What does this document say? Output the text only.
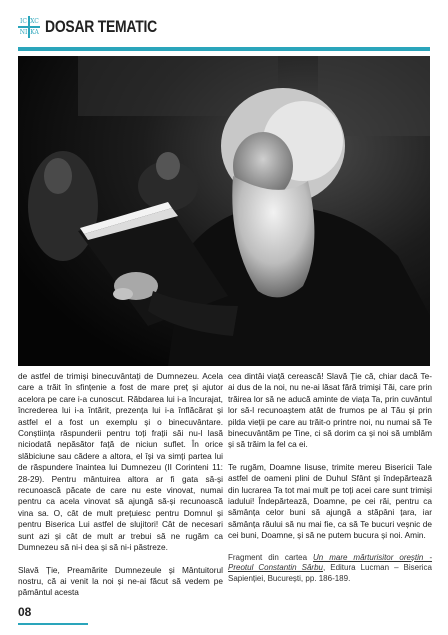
IC XC
NI KA DOSAR TEMATIC

de astfel de trimiși binecuvântați de Dumnezeu. Acela care a trăit în sfințenie a fost de mare preț și ajutor acelora pe care i-a cunoscut. Răbdarea lui i-a încurajat, încrederea lui i-a întărit, prezența lui i-a înflăcărat și astfel el a fost un exemplu și o binecuvântare. Conștiința răspunderii pentru toți frații săi nu-l lasă niciodată nepăsător față de niciun suflet. În orice slăbiciune sau cădere a altora, el își va simți partea lui de răspundere înaintea lui Dumnezeu (II Corinteni 11: 28-29). Pentru mântuirea altora ar fi gata să-și recunoască păcate de care nu este vinovat, numai pentru ca acela vinovat să ajungă să-și recunoască vina sa. O, cât de mult prețuiesc pentru Domnul și pentru Biserica Lui astfel de slujitori! Cât de necesari sunt azi și cât de mult ar trebui să ne rugăm ca Dumnezeu să ni-i dea și să ni-i păstreze.

Slavă Ție, Preamărite Dumnezeule și Mântuitorul nostru, că ai venit la noi și ne-ai făcut să vedem pe pământul acesta

cea dintâi viață cerească! Slavă Ție că, chiar dacă Te-ai dus de la noi, nu ne-ai lăsat fără trimiși Tăi, care prin trăirea lor să ne aducă aminte de viața Ta, prin cuvântul lor să-l recunoaștem atât de frumos pe al Tău și prin pilda vieții pe care au trăit-o printre noi, nu numai să Te binecuvântăm pe Tine, ci să dorim ca și noi să umblăm și să trăim la fel ca ei.

Te rugăm, Doamne Iisuse, trimite mereu Bisericii Tale astfel de oameni plini de Duhul Sfânt și îndepărtează din lucrarea Ta tot mai mult pe toți acei care sunt trimiși iadului! Îndepărtează, Doamne, pe cei răi, pentru ca sămânța celor buni să ajungă a stăpâni țara, iar sămânța răului să nu mai fie, ca să Te bucuri veșnic de cei buni, Doamne, și să ne putem bucura și noi. Amin.

Fragment din cartea Un mare mărturisitor oreștin - Preotul Constantin Sârbu, Editura Lucman – Biserica Sapienției, București, pp. 186-189.

08
